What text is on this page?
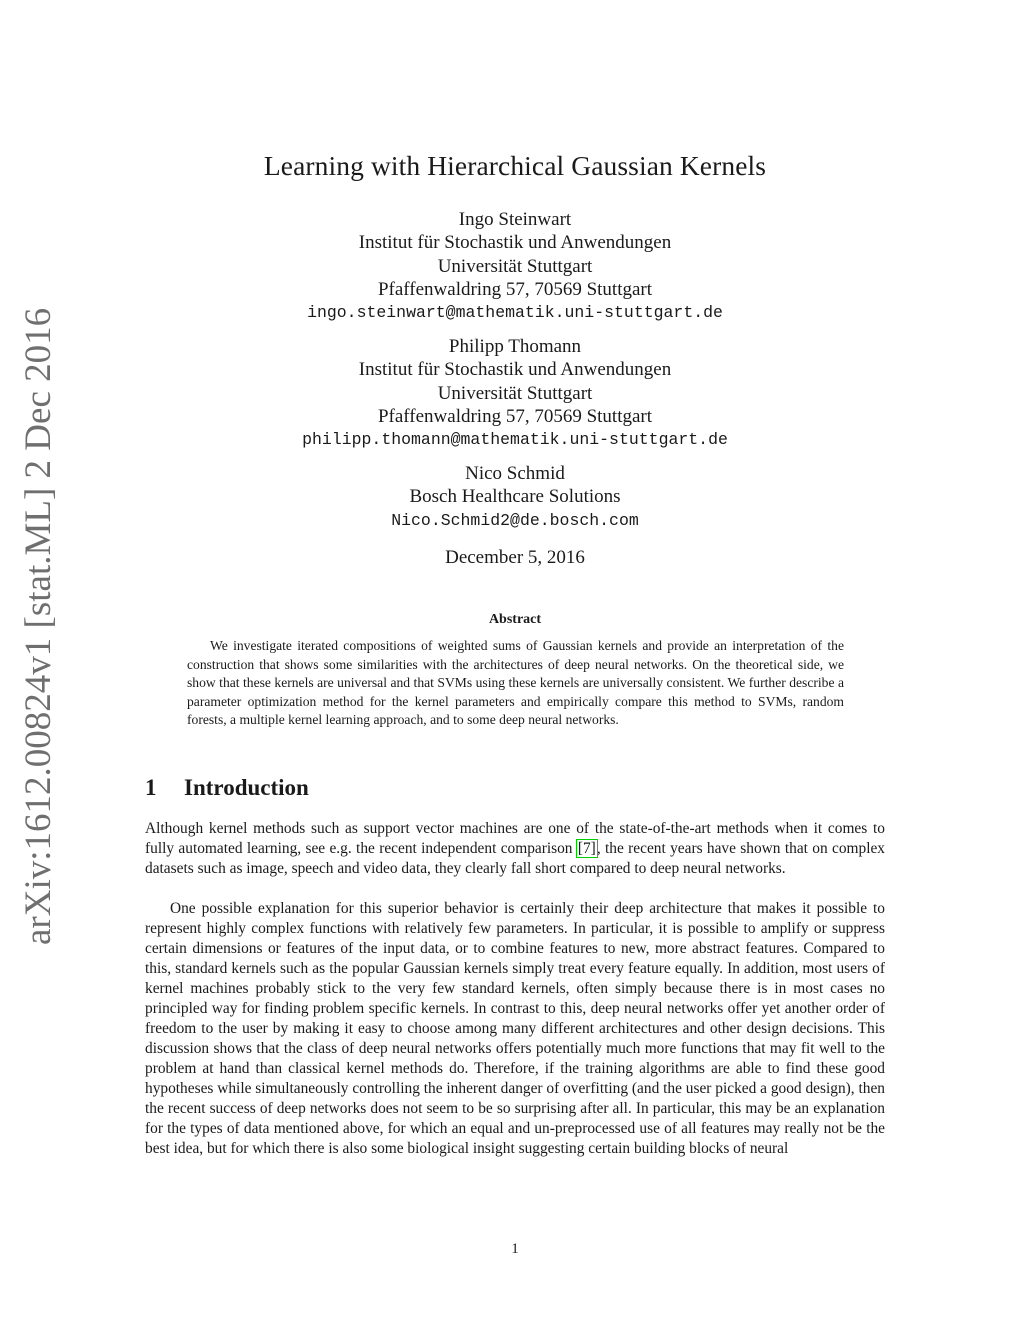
arXiv:1612.00824v1 [stat.ML] 2 Dec 2016
Learning with Hierarchical Gaussian Kernels
Ingo Steinwart
Institut für Stochastik und Anwendungen
Universität Stuttgart
Pfaffenwaldring 57, 70569 Stuttgart
ingo.steinwart@mathematik.uni-stuttgart.de
Philipp Thomann
Institut für Stochastik und Anwendungen
Universität Stuttgart
Pfaffenwaldring 57, 70569 Stuttgart
philipp.thomann@mathematik.uni-stuttgart.de
Nico Schmid
Bosch Healthcare Solutions
Nico.Schmid2@de.bosch.com
December 5, 2016
Abstract
We investigate iterated compositions of weighted sums of Gaussian kernels and provide an interpretation of the construction that shows some similarities with the architectures of deep neural networks. On the theoretical side, we show that these kernels are universal and that SVMs using these kernels are universally consistent. We further describe a parameter optimization method for the kernel parameters and empirically compare this method to SVMs, random forests, a multiple kernel learning approach, and to some deep neural networks.
1 Introduction
Although kernel methods such as support vector machines are one of the state-of-the-art methods when it comes to fully automated learning, see e.g. the recent independent comparison [7], the recent years have shown that on complex datasets such as image, speech and video data, they clearly fall short compared to deep neural networks.
One possible explanation for this superior behavior is certainly their deep architecture that makes it possible to represent highly complex functions with relatively few parameters. In particular, it is possible to amplify or suppress certain dimensions or features of the input data, or to combine features to new, more abstract features. Compared to this, standard kernels such as the popular Gaussian kernels simply treat every feature equally. In addition, most users of kernel machines probably stick to the very few standard kernels, often simply because there is in most cases no principled way for finding problem specific kernels. In contrast to this, deep neural networks offer yet another order of freedom to the user by making it easy to choose among many different architectures and other design decisions. This discussion shows that the class of deep neural networks offers potentially much more functions that may fit well to the problem at hand than classical kernel methods do. Therefore, if the training algorithms are able to find these good hypotheses while simultaneously controlling the inherent danger of overfitting (and the user picked a good design), then the recent success of deep networks does not seem to be so surprising after all. In particular, this may be an explanation for the types of data mentioned above, for which an equal and un-preprocessed use of all features may really not be the best idea, but for which there is also some biological insight suggesting certain building blocks of neural
1
